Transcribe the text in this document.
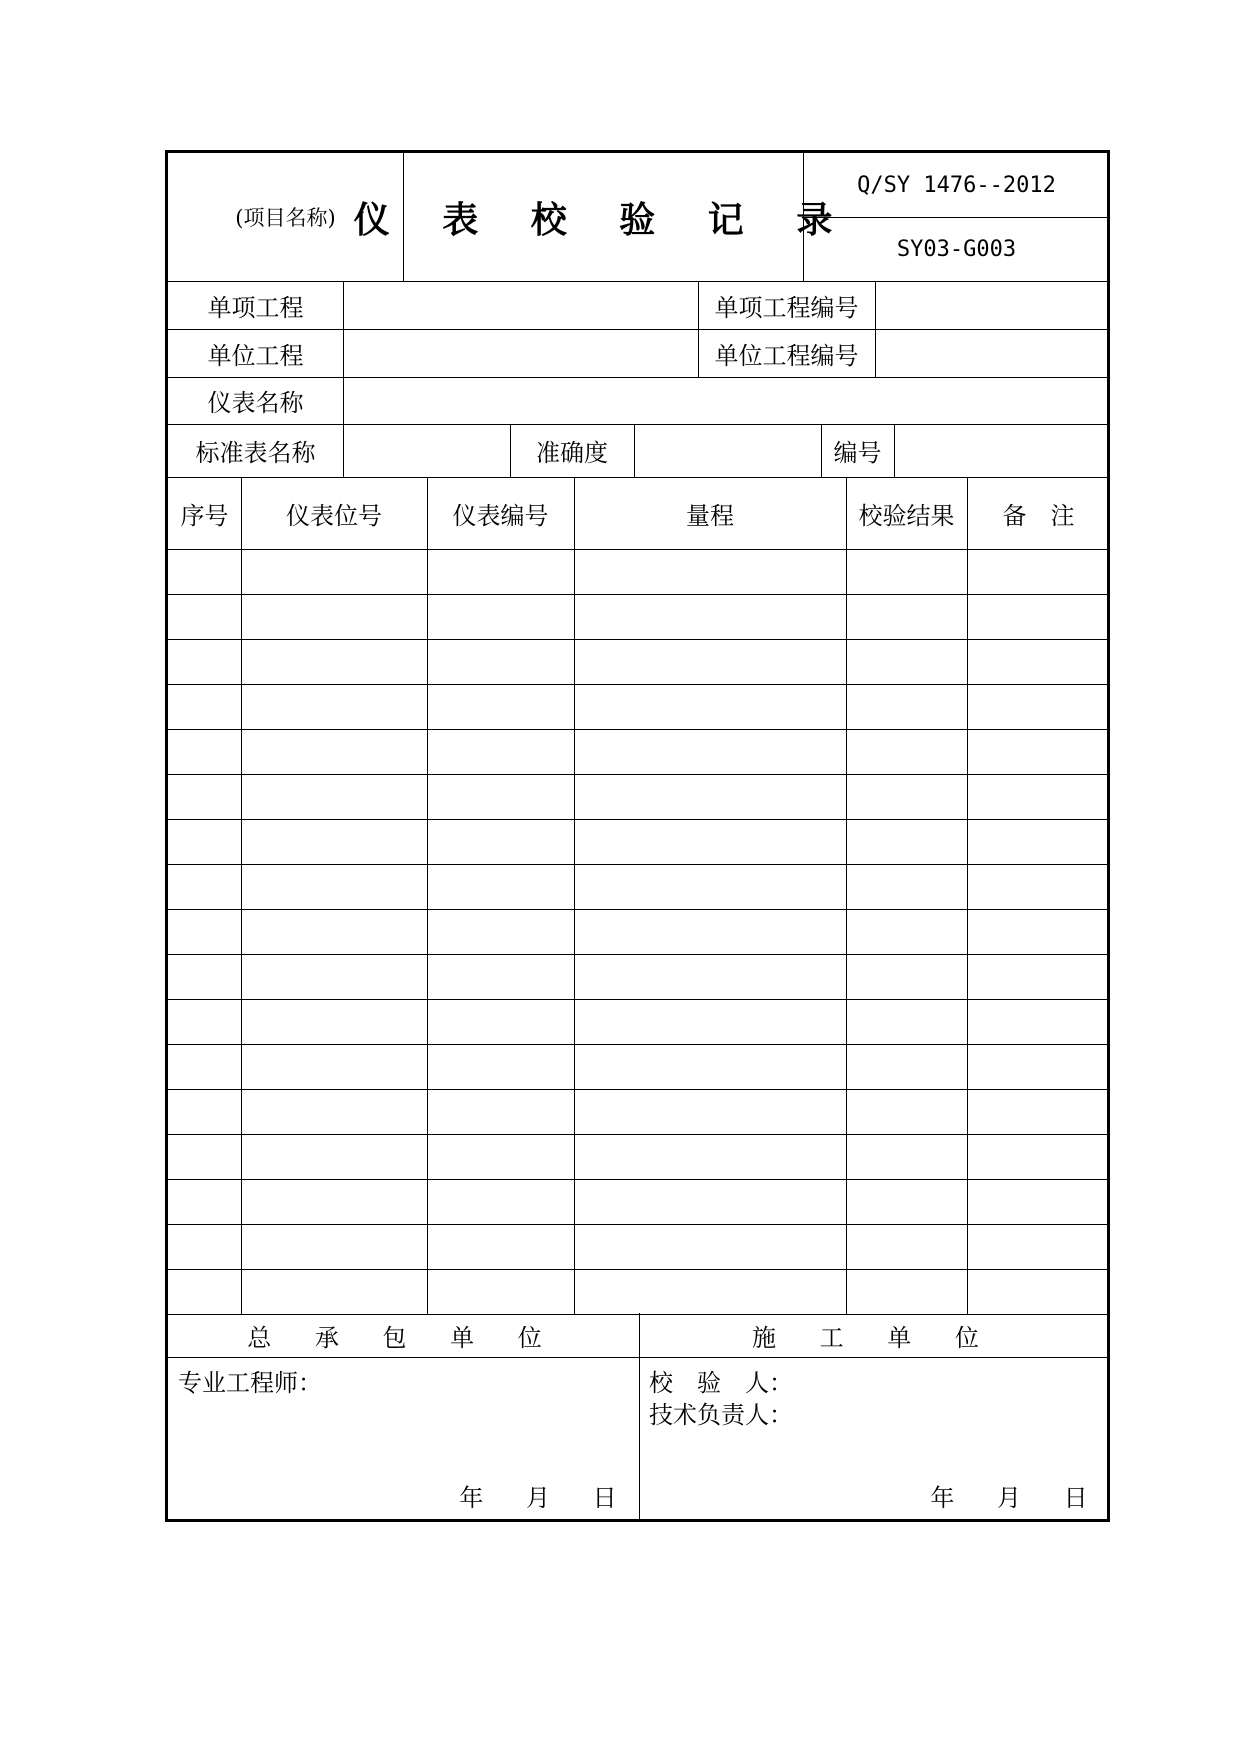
(项目名称) 仪 表 校 验 记 录
Q/SY 1476--2012
SY03-G003
单项工程	单项工程编号
单位工程	单位工程编号
仪表名称
标准表名称	准确度	编号
序号	仪表位号	仪表编号	量程	校验结果	备　注
总 承 包 单 位	施 工 单 位
专业工程师：	校　验　人：
技术负责人：
年 月 日	年 月 日
